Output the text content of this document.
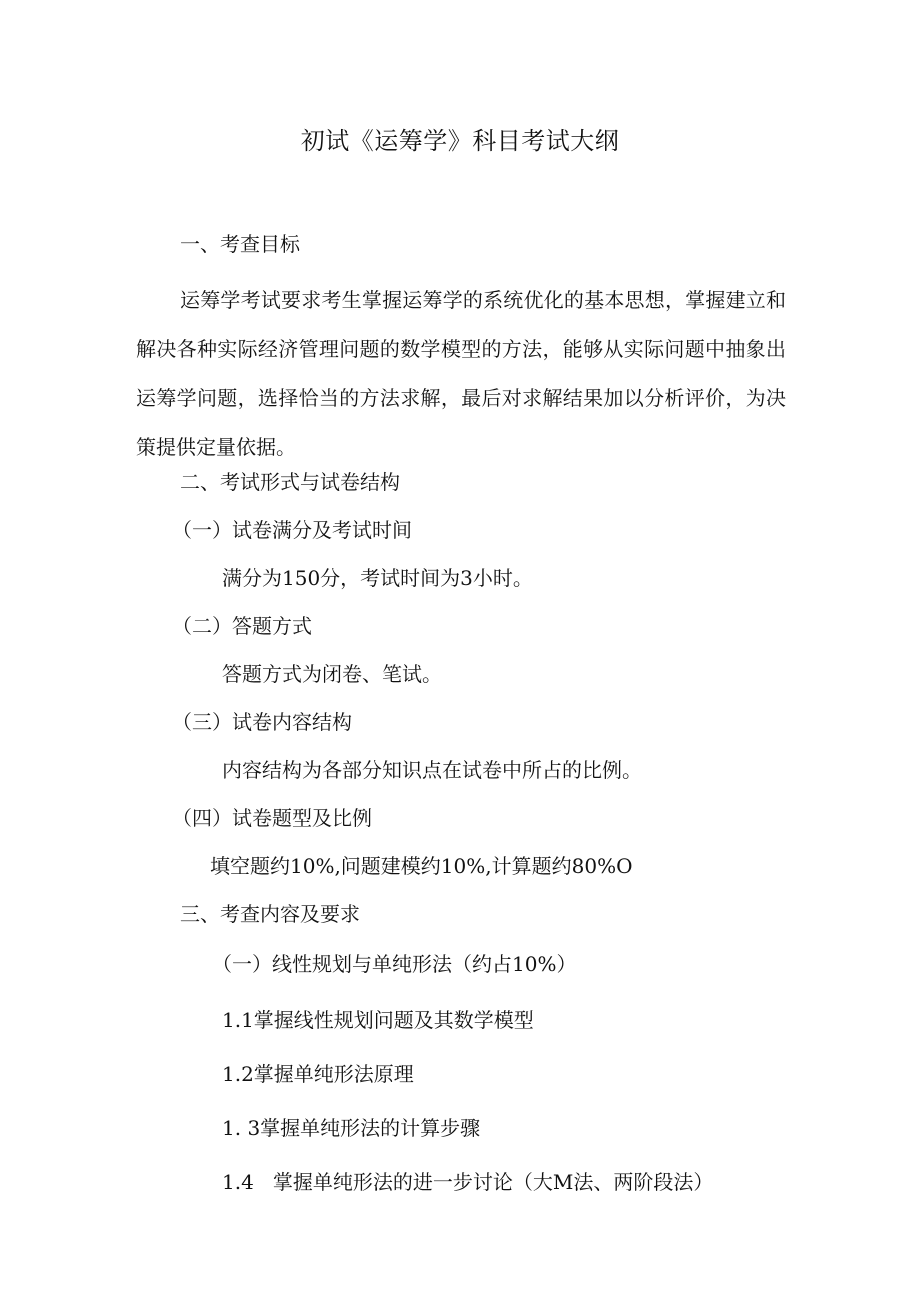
初试《运筹学》科目考试大纲
一、考查目标
运筹学考试要求考生掌握运筹学的系统优化的基本思想，掌握建立和解决各种实际经济管理问题的数学模型的方法，能够从实际问题中抽象出运筹学问题，选择恰当的方法求解，最后对求解结果加以分析评价，为决策提供定量依据。
二、考试形式与试卷结构
（一）试卷满分及考试时间
满分为150分，考试时间为3小时。
（二）答题方式
答题方式为闭卷、笔试。
（三）试卷内容结构
内容结构为各部分知识点在试卷中所占的比例。
（四）试卷题型及比例
填空题约10%,问题建模约10%,计算题约80%O
三、考查内容及要求
（一）线性规划与单纯形法（约占10%）
1.1掌握线性规划问题及其数学模型
1.2掌握单纯形法原理
1. 3掌握单纯形法的计算步骤
1.4   掌握单纯形法的进一步讨论（大M法、两阶段法）
